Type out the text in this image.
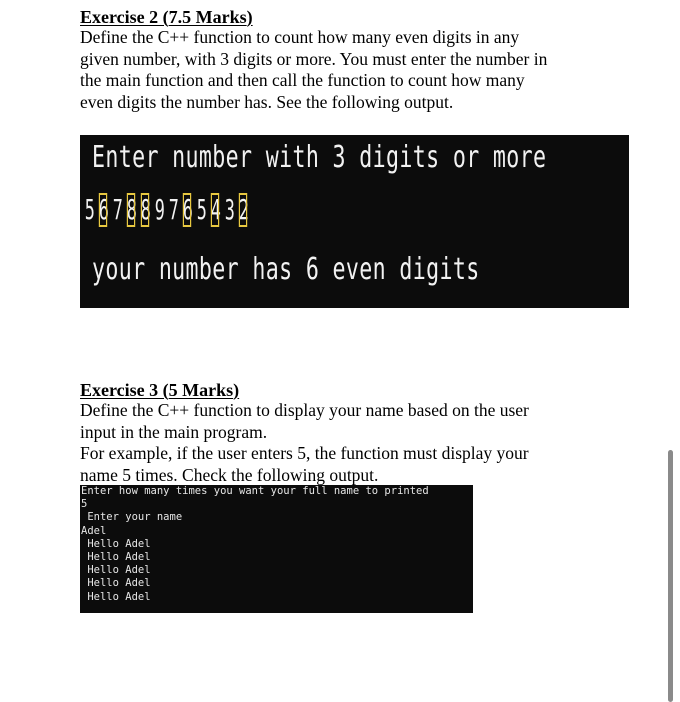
Exercise 2 (7.5 Marks)
Define the C++ function to count how many even digits in any
given number, with 3 digits or more. You must enter the number in
the main function and then call the function to count how many
even digits the number has. See the following output.
Enter number with 3 digits or more
5 6 7 8 8 9 7 6 5 4 3 2
your number has 6 even digits
Exercise 3 (5 Marks)
Define the C++ function to display your name based on the user
input in the main program.
For example, if the user enters 5, the function must display your
name 5 times. Check the following output.
Enter how many times you want your full name to printed
5
Enter your name
Adel
Hello Adel
Hello Adel
Hello Adel
Hello Adel
Hello Adel
